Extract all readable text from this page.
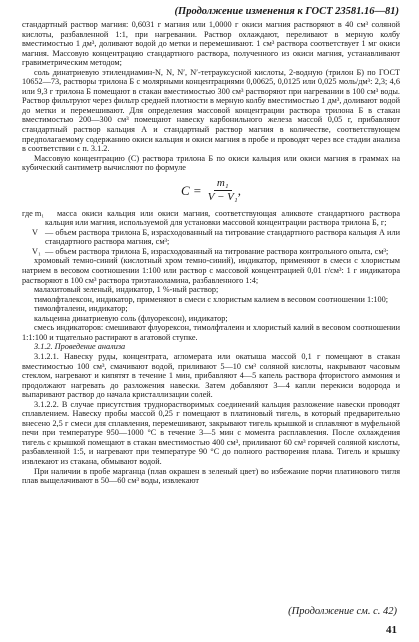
(Продолжение изменения к ГОСТ 23581.16—81)

стандартный раствор магния: 0,6031 г магния или 1,0000 г окиси магния растворяют в 40 см³ соляной кислоты, разбавленной 1:1, при нагревании. Раствор охлаждают, переливают в мерную колбу вместимостью 1 дм³, доливают водой до метки и перемешивают. 1 см³ раствора соответствует 1 мг окиси магния. Массовую концентрацию стандартного раствора, полученного из окиси магния, устанавливают гравиметрическим методом;

соль динатриевую этилендиамин-N, N, N′, N′-тетрауксусной кислоты, 2-водную (трилон Б) по ГОСТ 10652—73, растворы трилона Б с молярными концентрациями 0,00625, 0,0125 или 0,025 моль/дм³: 2,3; 4,6 или 9,3 г трилона Б помещают в стакан вместимостью 300 см³ растворяют при нагревании в 100 см³ воды. Раствор фильтруют через фильтр средней плотности в мерную колбу вместимостью 1 дм³, доливают водой до метки и перемешивают. Для определения массовой концентрации раствора трилона Б в стакан вместимостью 200—300 см³ помещают навеску карбонильного железа массой 0,05 г, прибавляют стандартный раствор кальция А и стандартный раствор магния в количестве, соответствующем предполагаемому содержанию окиси кальция и окиси магния в пробе и проводят через все стадии анализа в соответствии с п. 3.1.2.

Массовую концентрацию (С) раствора трилона Б по окиси кальция или окиси магния в граммах на кубический сантиметр вычисляют по формуле

$C = \frac{\text{m₁}}{\text{V − V₁}}$ ,

где m₁ масса окиси кальция или окиси магния, соответствующая аликвоте стандартного раствора кальция или магния, используемой для установки массовой концентрации раствора трилона Б, г;

V — объем раствора трилона Б, израсходованный на титрование стандартного раствора кальция А или стандартного раствора магния, см³;

V₁ — объем раствора трилона Б, израсходованный на титрование раствора контрольного опыта, см³;

хромовый темно-синий (кислотный хром темно-синий), индикатор, применяют в смеси с хлористым натрием в весовом соотношении 1:100 или раствор с массовой концентрацией 0,01 г/см³: 1 г индикатора растворяют в 100 см³ раствора триэтаноламина, разбавленного 1:4;

малахитовый зеленый, индикатор, 1 %-ный раствор;

тимолфталексон, индикатор, применяют в смеси с хлористым калием в весовом соотношении 1:100;

тимолфталеин, индикатор;

кальцеина динатриевую соль (флуорексон), индикатор;

смесь индикаторов: смешивают флуорексон, тимолфталеин и хлористый калий в весовом соотношении 1:1:100 и тщательно растирают в агатовой ступке.

3.1.2. Проведение анализа

3.1.2.1. Навеску руды, концентрата, агломерата или окатыша массой 0,1 г помещают в стакан вместимостью 100 см³, смачивают водой, приливают 5—10 см³ соляной кислоты, накрывают часовым стеклом, нагревают и кипятят в течение 1 мин, прибавляют 4—5 капель раствора фтористого аммония и продолжают нагревать до разложения навески. Затем добавляют 3—4 капли перекиси водорода и выпаривают раствор до начала кристаллизации солей.

3.1.2.2. В случае присутствия труднорастворимых соединений кальция разложение навески проводят сплавлением. Навеску пробы массой 0,25 г помещают в платиновый тигель, в который предварительно внесено 2,5 г смеси для сплавления, перемешивают, закрывают тигель крышкой и сплавляют в муфельной печи при температуре 950—1000 °С в течение 3—5 мин с момента расплавления. После охлаждения тигель с крышкой помещают в стакан вместимостью 400 см³, приливают 60 см³ горячей соляной кислоты, разбавленной 1:5, и нагревают при температуре 90 °С до полного растворения плава. Тигель и крышку извлекают из стакана, обмывают водой.

При наличии в пробе марганца (плав окрашен в зеленый цвет) во избежание порчи платинового тигля плав выщелачивают в 50—60 см³ воды, извлекают

(Продолжение см. с. 42)
41
